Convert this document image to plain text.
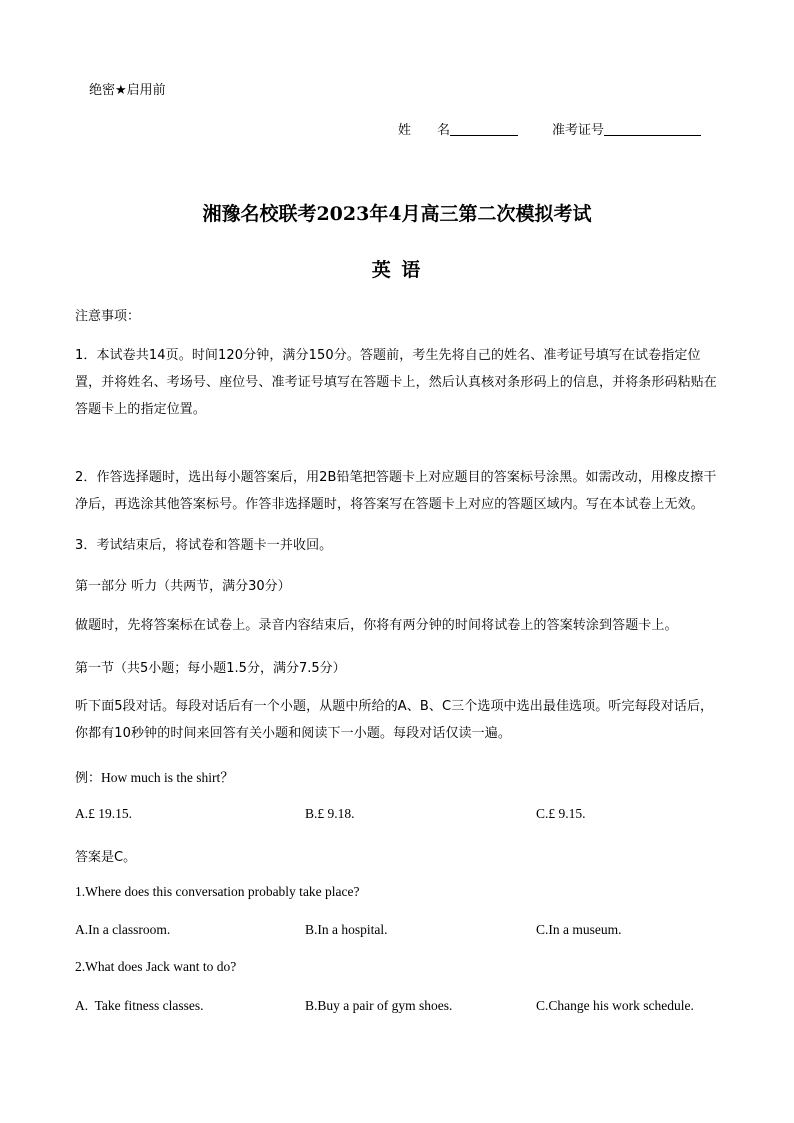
绝密★启用前
姓　　名	准考证号
湘豫名校联考2023年4月高三第二次模拟考试
英 语
注意事项：
1．本试卷共14页。时间120分钟，满分150分。答题前，考生先将自己的姓名、准考证号填写在试卷指定位置，并将姓名、考场号、座位号、准考证号填写在答题卡上，然后认真核对条形码上的信息，并将条形码粘贴在答题卡上的指定位置。
2．作答选择题时，选出每小题答案后，用2B铅笔把答题卡上对应题目的答案标号涂黑。如需改动，用橡皮擦干净后，再选涂其他答案标号。作答非选择题时，将答案写在答题卡上对应的答题区域内。写在本试卷上无效。
3．考试结束后，将试卷和答题卡一并收回。
第一部分 听力（共两节，满分30分）
做题时，先将答案标在试卷上。录音内容结束后，你将有两分钟的时间将试卷上的答案转涂到答题卡上。
第一节（共5小题；每小题1.5分，满分7.5分）
听下面5段对话。每段对话后有一个小题，从题中所给的A、B、C三个选项中选出最佳选项。听完每段对话后，你都有10秒钟的时间来回答有关小题和阅读下一小题。每段对话仅读一遍。
例：How much is the shirt？
A.£ 19.15.	B.£ 9.18.	C.£ 9.15.
答案是C。
1.Where does this conversation probably take place?
A.In a classroom.	B.In a hospital.	C.In a museum.
2.What does Jack want to do?
A.  Take fitness classes.	B.Buy a pair of gym shoes.	C.Change his work schedule.
